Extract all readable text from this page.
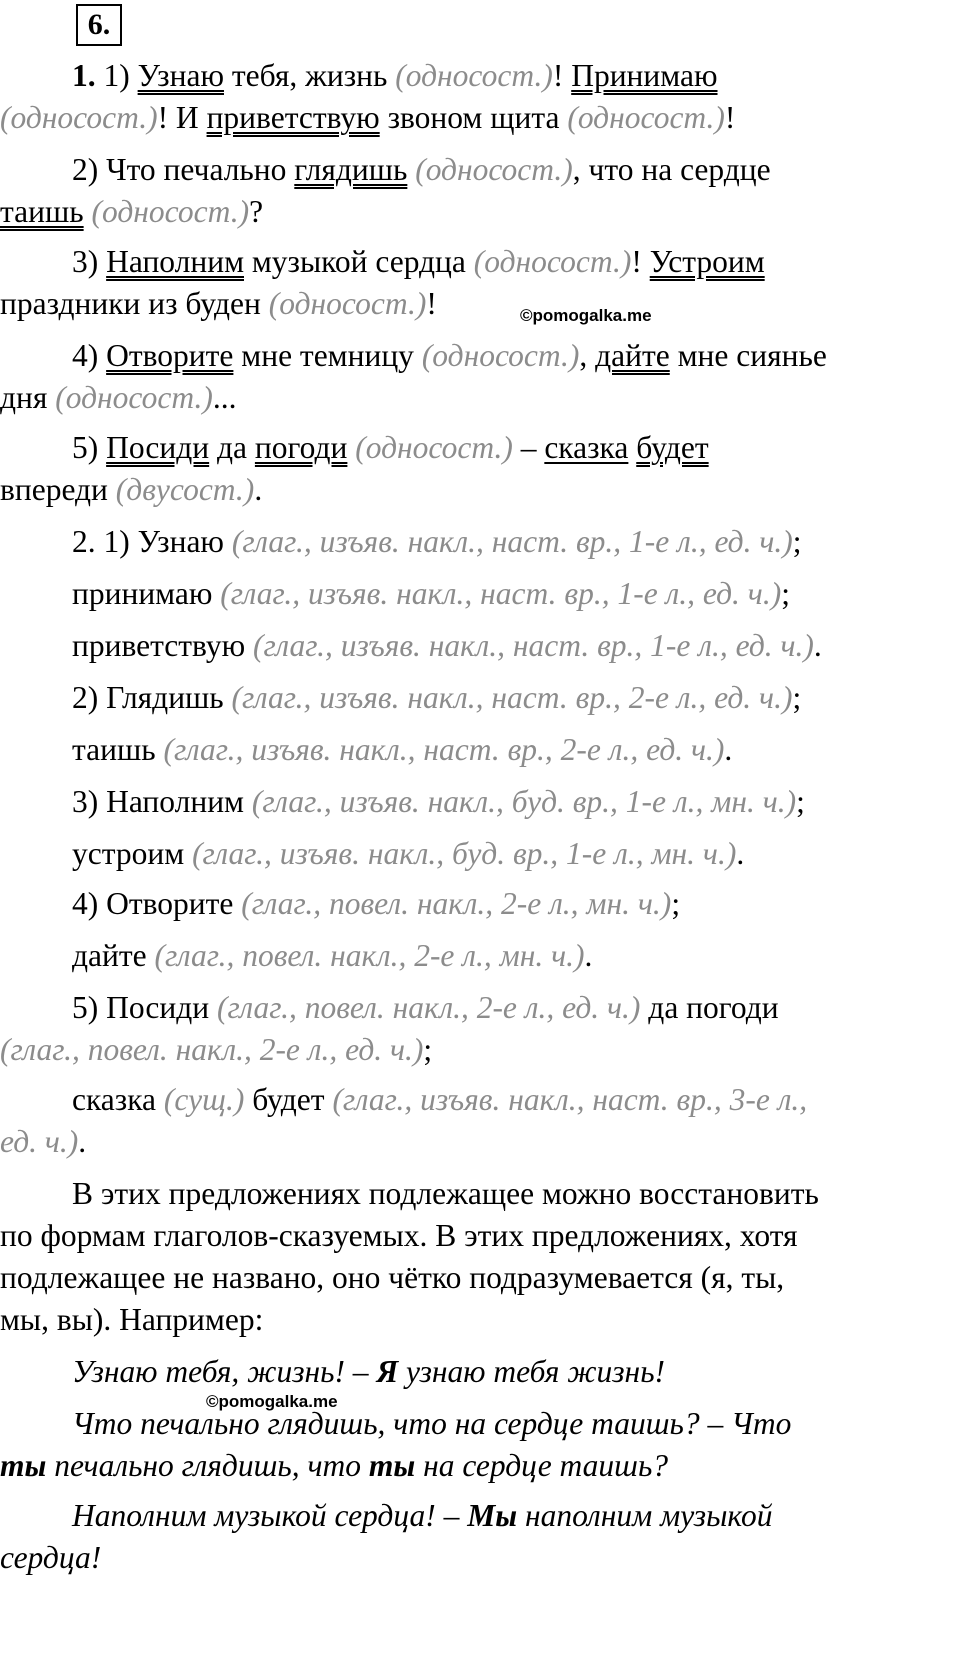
6.
1. 1) Узнаю тебя, жизнь (односост.)! Принимаю
(односост.)! И приветствую звоном щита (односост.)!
2) Что печально глядишь (односост.), что на сердце
таишь (односост.)?
3) Наполним музыкой сердца (односост.)! Устроим
праздники из буден (односост.)!	©pomogalka.me
4) Отворите мне темницу (односост.), дайте мне сиянье
дня (односост.)...
5) Посиди да погоди (односост.) – сказка будет
впереди (двусост.).
2. 1) Узнаю (глаг., изъяв. накл., наст. вр., 1-е л., ед. ч.);
принимаю (глаг., изъяв. накл., наст. вр., 1-е л., ед. ч.);
приветствую (глаг., изъяв. накл., наст. вр., 1-е л., ед. ч.).
2) Глядишь (глаг., изъяв. накл., наст. вр., 2-е л., ед. ч.);
таишь (глаг., изъяв. накл., наст. вр., 2-е л., ед. ч.).
3) Наполним (глаг., изъяв. накл., буд. вр., 1-е л., мн. ч.);
устроим (глаг., изъяв. накл., буд. вр., 1-е л., мн. ч.).
4) Отворите (глаг., повел. накл., 2-е л., мн. ч.);
дайте (глаг., повел. накл., 2-е л., мн. ч.).
5) Посиди (глаг., повел. накл., 2-е л., ед. ч.) да погоди
(глаг., повел. накл., 2-е л., ед. ч.);
сказка (сущ.) будет (глаг., изъяв. накл., наст. вр., 3-е л.,
ед. ч.).
В этих предложениях подлежащее можно восстановить
по формам глаголов-сказуемых. В этих предложениях, хотя
подлежащее не названо, оно чётко подразумевается (я, ты,
мы, вы). Например:
Узнаю тебя, жизнь! – Я узнаю тебя жизнь!
©pomogalka.me
Что печально глядишь, что на сердце таишь? – Что
ты печально глядишь, что ты на сердце таишь?
Наполним музыкой сердца! – Мы наполним музыкой
сердца!
